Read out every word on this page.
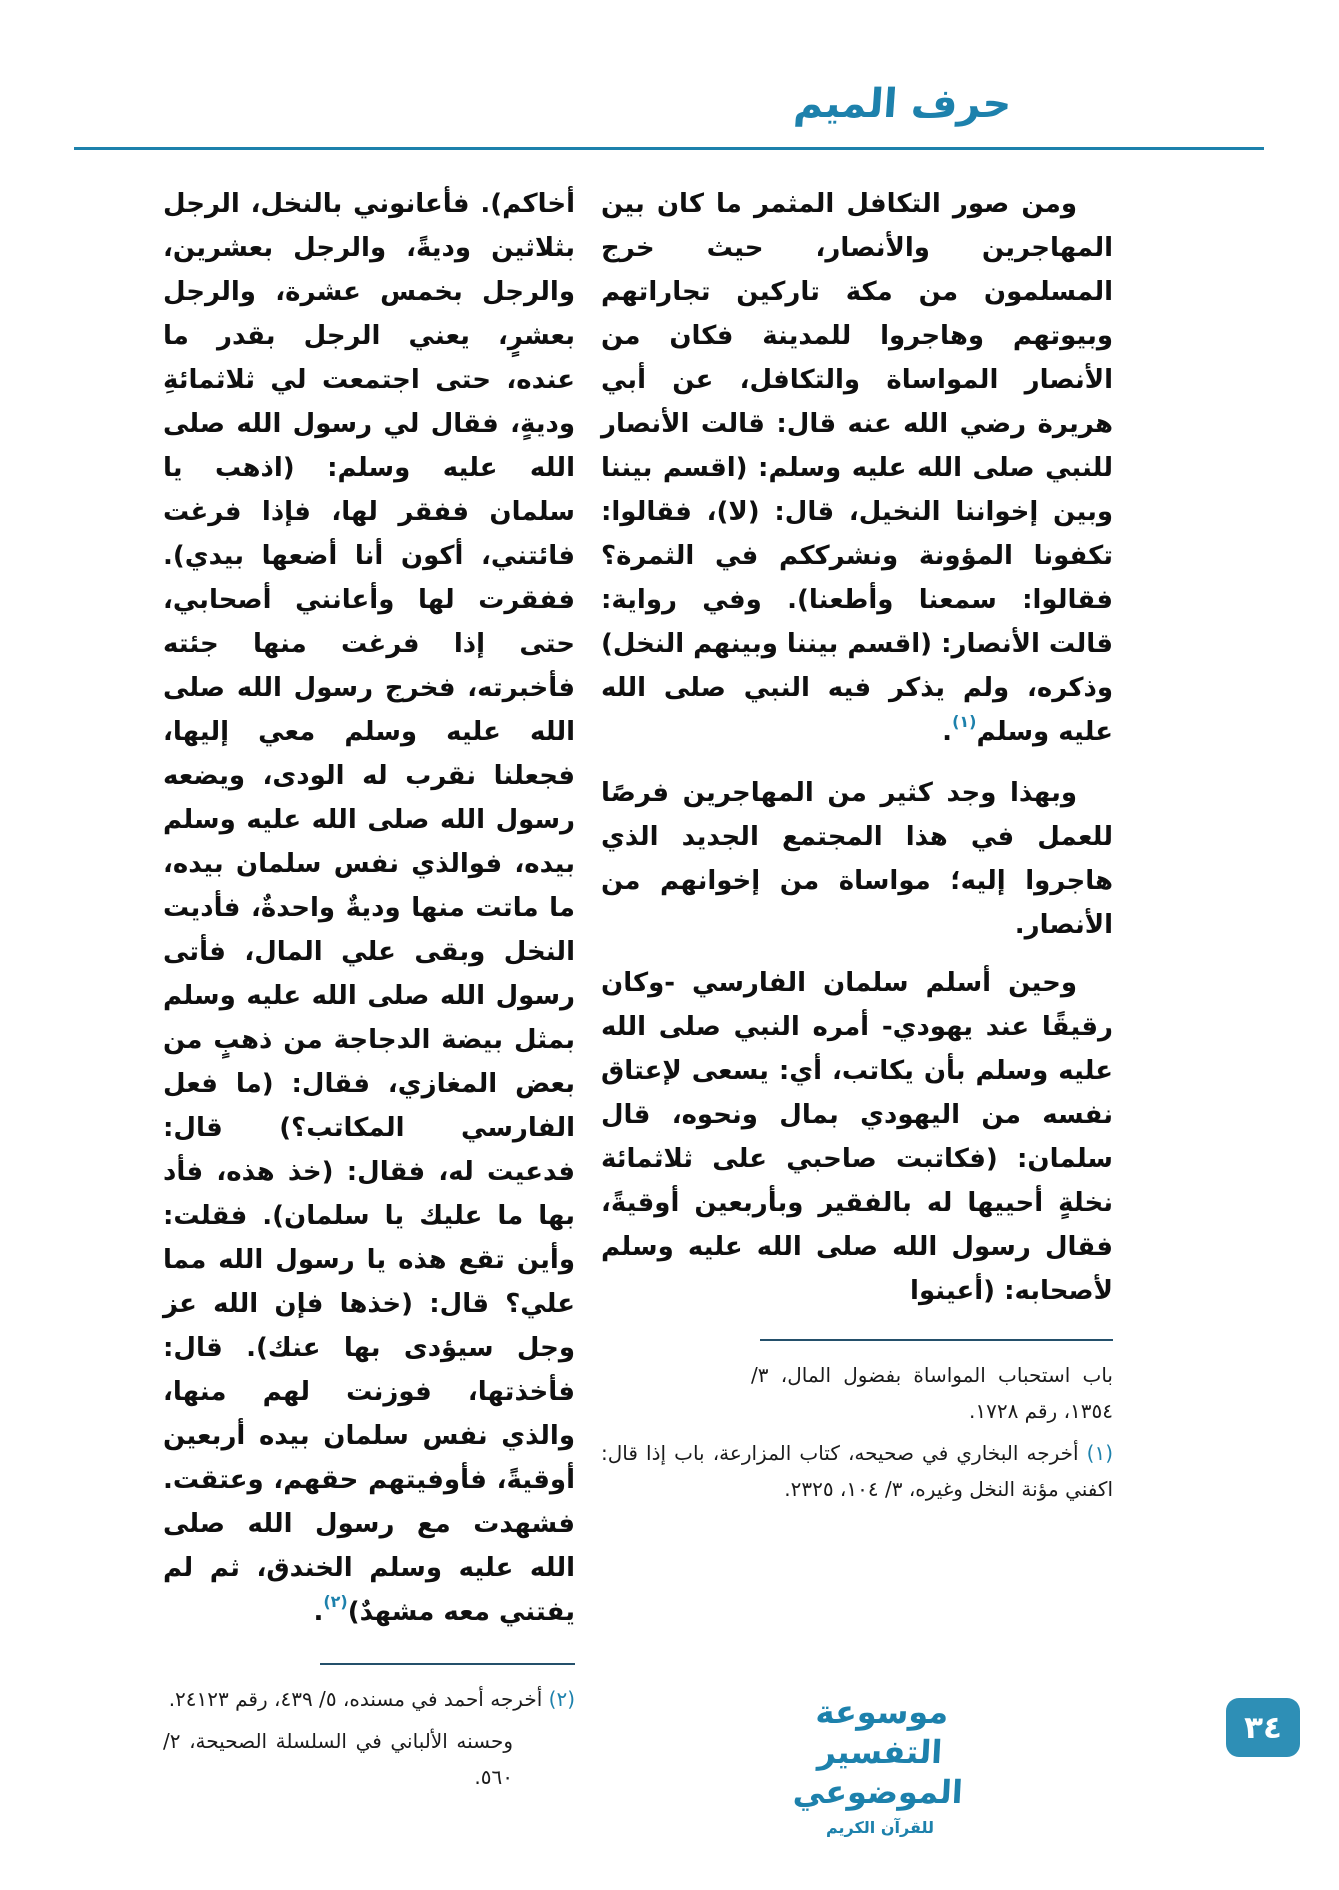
حرف الميم

ومن صور التكافل المثمر ما كان بين المهاجرين والأنصار، حيث خرج المسلمون من مكة تاركين تجاراتهم وبيوتهم وهاجروا للمدينة فكان من الأنصار المواساة والتكافل، عن أبي هريرة رضي الله عنه قال: قالت الأنصار للنبي صلى الله عليه وسلم: (اقسم بيننا وبين إخواننا النخيل، قال: (لا)، فقالوا: تكفونا المؤونة ونشرككم في الثمرة؟ فقالوا: سمعنا وأطعنا). وفي رواية: قالت الأنصار: (اقسم بيننا وبينهم النخل) وذكره، ولم يذكر فيه النبي صلى الله عليه وسلم$^{(١)}$.

وبهذا وجد كثير من المهاجرين فرصًا للعمل في هذا المجتمع الجديد الذي هاجروا إليه؛ مواساة من إخوانهم من الأنصار.

وحين أسلم سلمان الفارسي -وكان رقيقًا عند يهودي- أمره النبي صلى الله عليه وسلم بأن يكاتب، أي: يسعى لإعتاق نفسه من اليهودي بمال ونحوه، قال سلمان: (فكاتبت صاحبي على ثلاثمائة نخلةٍ أحييها له بالفقير وبأربعين أوقيةً، فقال رسول الله صلى الله عليه وسلم لأصحابه: (أعينوا

باب استحباب المواساة بفضول المال، ٣/ ١٣٥٤، رقم ١٧٢٨.

(١) أخرجه البخاري في صحيحه، كتاب المزارعة، باب إذا قال: اكفني مؤنة النخل وغيره، ٣/ ١٠٤، ٢٣٢٥.

أخاكم). فأعانوني بالنخل، الرجل بثلاثين وديةً، والرجل بعشرين، والرجل بخمس عشرة، والرجل بعشرٍ، يعني الرجل بقدر ما عنده، حتى اجتمعت لي ثلاثمائةِ وديةٍ، فقال لي رسول الله صلى الله عليه وسلم: (اذهب يا سلمان ففقر لها، فإذا فرغت فائتني، أكون أنا أضعها بيدي). ففقرت لها وأعانني أصحابي، حتى إذا فرغت منها جئته فأخبرته، فخرج رسول الله صلى الله عليه وسلم معي إليها، فجعلنا نقرب له الودى، ويضعه رسول الله صلى الله عليه وسلم بيده، فوالذي نفس سلمان بيده، ما ماتت منها وديةٌ واحدةٌ، فأديت النخل وبقى علي المال، فأتى رسول الله صلى الله عليه وسلم بمثل بيضة الدجاجة من ذهبٍ من بعض المغازي، فقال: (ما فعل الفارسي المكاتب؟) قال: فدعيت له، فقال: (خذ هذه، فأد بها ما عليك يا سلمان). فقلت: وأين تقع هذه يا رسول الله مما علي؟ قال: (خذها فإن الله عز وجل سيؤدى بها عنك). قال: فأخذتها، فوزنت لهم منها، والذي نفس سلمان بيده أربعين أوقيةً، فأوفيتهم حقهم، وعتقت. فشهدت مع رسول الله صلى الله عليه وسلم الخندق، ثم لم يفتني معه مشهدٌ)$^{(٢)}$.

(٢) أخرجه أحمد في مسنده، ٥/ ٤٣٩، رقم ٢٤١٢٣.

وحسنه الألباني في السلسلة الصحيحة، ٢/ ٥٦٠.

موسوعة التفسير الموضوعي
للقرآن الكريم
٣٤
